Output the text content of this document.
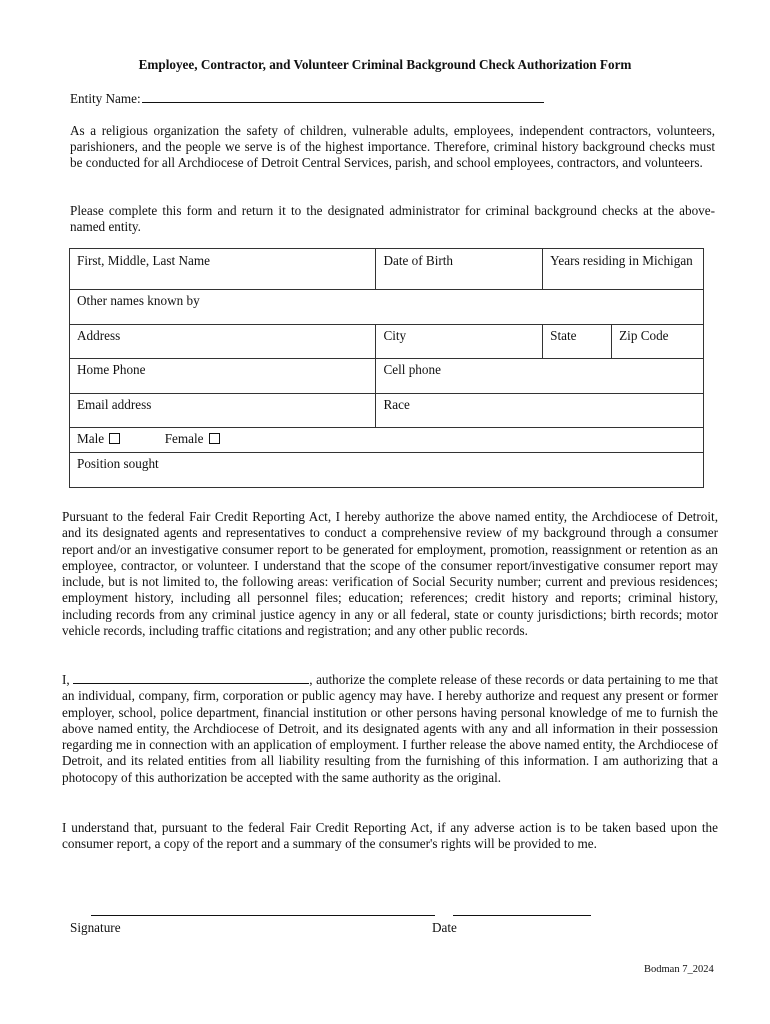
Employee, Contractor, and Volunteer Criminal Background Check Authorization Form
Entity Name:
As a religious organization the safety of children, vulnerable adults, employees, independent contractors, volunteers, parishioners, and the people we serve is of the highest importance. Therefore, criminal history background checks must be conducted for all Archdiocese of Detroit Central Services, parish, and school employees, contractors, and volunteers.
Please complete this form and return it to the designated administrator for criminal background checks at the above-named entity.
First, Middle, Last Name	Date of Birth	Years residing in Michigan	
Other names known by			
Address	City	State	Zip Code
Home Phone	Cell phone		
Email address	Race		
Male Female			
Position sought			
Pursuant to the federal Fair Credit Reporting Act, I hereby authorize the above named entity, the Archdiocese of Detroit, and its designated agents and representatives to conduct a comprehensive review of my background through a consumer report and/or an investigative consumer report to be generated for employment, promotion, reassignment or retention as an employee, contractor, or volunteer. I understand that the scope of the consumer report/investigative consumer report may include, but is not limited to, the following areas: verification of Social Security number; current and previous residences; employment history, including all personnel files; education; references; credit history and reports; criminal history, including records from any criminal justice agency in any or all federal, state or county jurisdictions; birth records; motor vehicle records, including traffic citations and registration; and any other public records.
I,	, authorize the complete release of these records or data pertaining to me that an individual, company, firm, corporation or public agency may have. I hereby authorize and request any present or former employer, school, police department, financial institution or other persons having personal knowledge of me to furnish the above named entity, the Archdiocese of Detroit, and its designated agents with any and all information in their possession regarding me in connection with an application of employment. I further release the above named entity, the Archdiocese of Detroit, and its related entities from all liability resulting from the furnishing of this information. I am authorizing that a photocopy of this authorization be accepted with the same authority as the original.
I understand that, pursuant to the federal Fair Credit Reporting Act, if any adverse action is to be taken based upon the consumer report, a copy of the report and a summary of the consumer's rights will be provided to me.
Signature	Date
Bodman 7_2024
